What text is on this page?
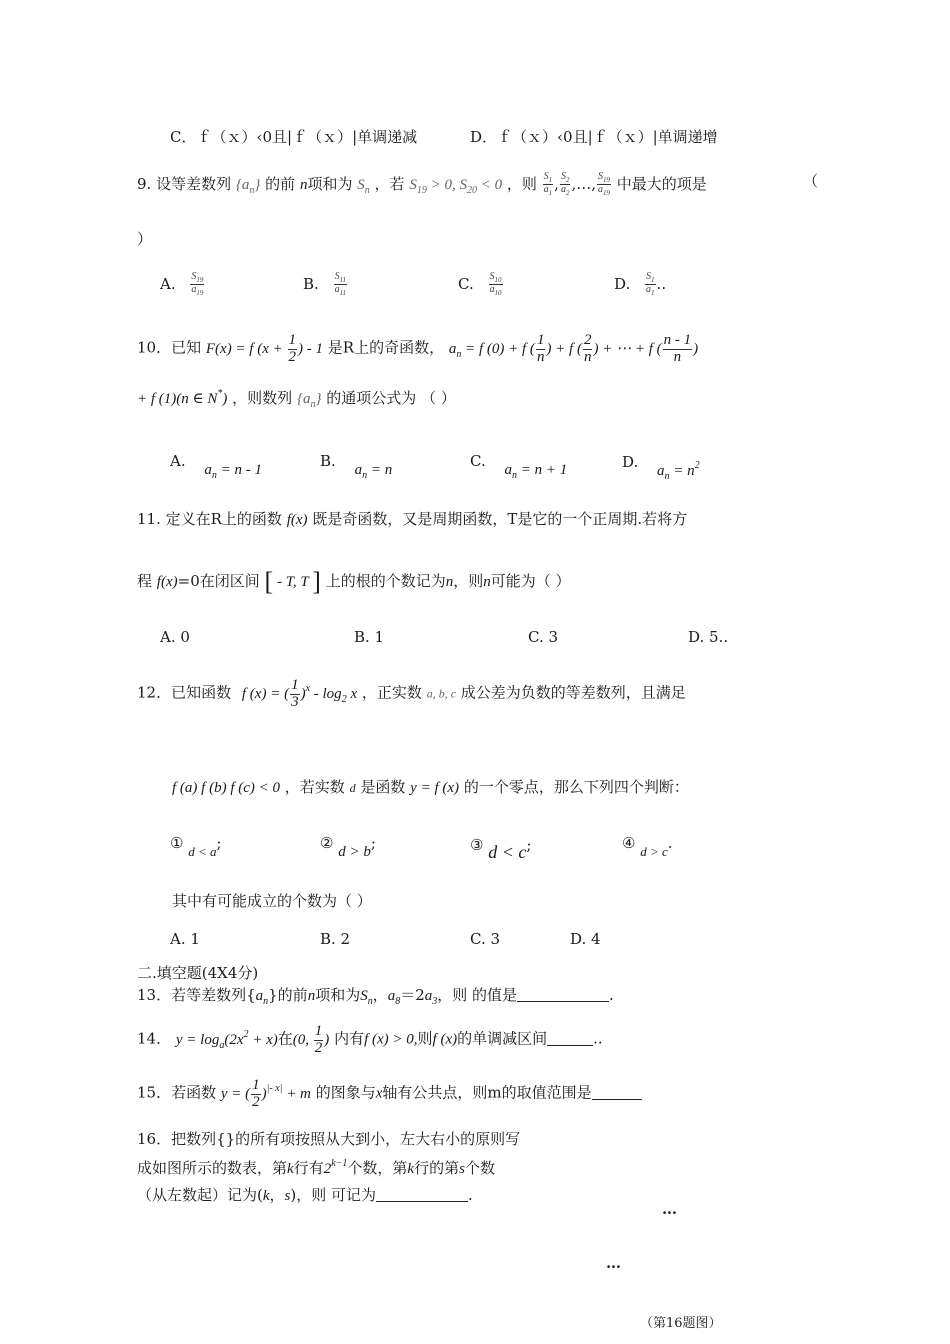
C．ｆ（ｘ）‹0且|ｆ（ｘ）|单调递减	D．ｆ（ｘ）‹0且|ｆ（ｘ）|单调递增
9. 设等差数列 $\{a_n\}$ 的前 n项和为 $S_n$ ，若 $S_{19} > 0$, $S_{20} < 0$ ，则 $\frac{S_1}{a_1}$ , $\frac{S_2}{a_2}$ ,…, $\frac{S_{19}}{a_{19}}$ 中最大的项是	（
）
A. $\frac{S_{19}}{a_{19}}$	B. $\frac{S_{11}}{a_{11}}$	C. $\frac{S_{10}}{a_{10}}$	D. $\frac{S_1}{a_1}$ ..
10．已知 F(x) = f ($x + \frac{1}{2}$ ) - 1 是R上的奇函数， $a_n = f$ (0) + f ( $\frac{1}{n}$ ) + f ( $\frac{2}{n}$ ) + ⋯ + f ( $\frac{n - 1}{n}$ )
+ f (1)(n ∈ N*) ，则数列 $\{a_n\}$ 的通项公式为 （ ）
A. $a_n = n - 1$	B. $a_n = n$	C. $a_n = n + 1$	D. $a_n = n^2$
11. 定义在R上的函数 f(x) 既是奇函数，又是周期函数，T是它的一个正周期.若将方
程 f(x)=0在闭区间 [ - T, T ] 上的根的个数记为n，则n可能为（ ）
A. 0	B. 1	C. 3	D. 5..
12．已知函数 f (x) = ( $\frac{1}{3} )^x - \log_2 x$ ，正实数 a, b, c 成公差为负数的等差数列，且满足
f (a) f (b) f (c) < 0 ，若实数 d 是函数 y = f (x) 的一个零点，那么下列四个判断：
① d < a;	② d > b;	③ d < c;	④ d > c.
其中有可能成立的个数为（ ）
A. 1	B. 2	C. 3	D. 4
二.填空题(4X4分)
13．若等差数列$\{a_n\}$的前n项和为$S_n$，$a_8=2a_3$，则 的值是	.
14． $y = \log_a(2x^2 + x)$在(0, $\frac{1}{2}$ ) 内有f (x) > 0,则f (x)的单调减区间	..
15．若函数 y = ( $\frac{1}{2} )^{|- x|} + m$ 的图象与x轴有公共点，则m的取值范围是
16．把数列{}的所有项按照从大到小，左大右小的原则写
成如图所示的数表，第k行有$2^{k-1}$个数，第k行的第s个数
（从左数起）记为(k，s)，则 可记为	.
…
…
（第16题图）
